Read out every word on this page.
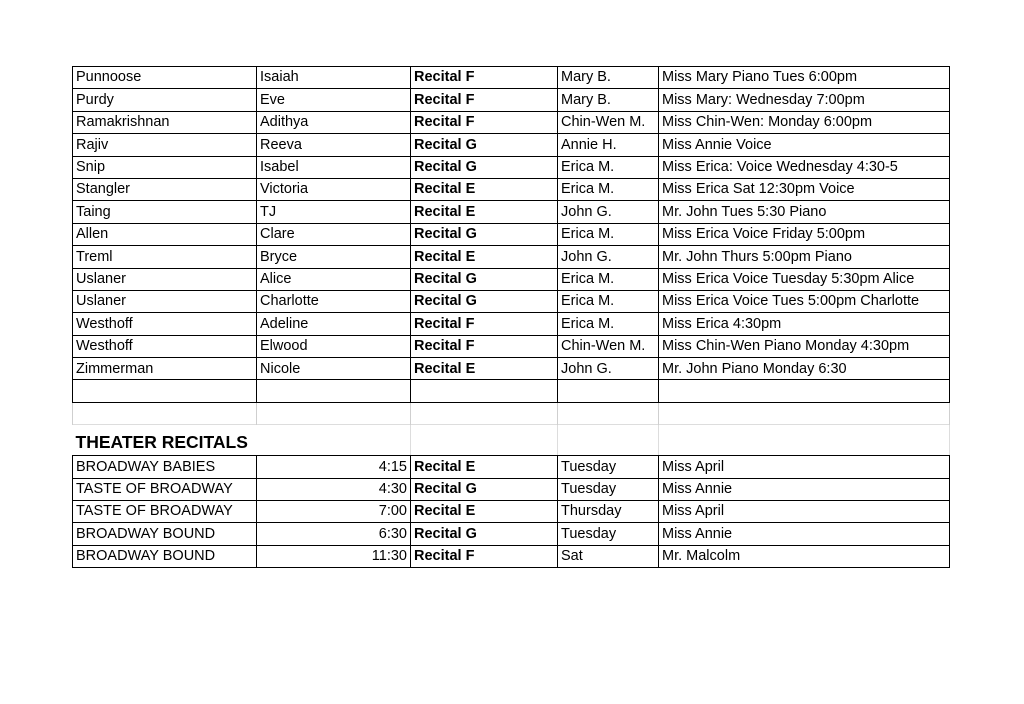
Punnoose	Isaiah	Recital F	Mary B.	Miss Mary Piano Tues 6:00pm
Purdy	Eve	Recital F	Mary B.	Miss Mary: Wednesday 7:00pm
Ramakrishnan	Adithya	Recital F	Chin-Wen M.	Miss Chin-Wen: Monday 6:00pm
Rajiv	Reeva	Recital G	Annie H.	Miss Annie Voice
Snip	Isabel	Recital G	Erica M.	Miss Erica: Voice Wednesday 4:30-5
Stangler	Victoria	Recital E	Erica M.	Miss Erica Sat 12:30pm Voice
Taing	TJ	Recital E	John G.	Mr. John Tues 5:30 Piano
Allen	Clare	Recital G	Erica M.	Miss Erica Voice Friday 5:00pm
Treml	Bryce	Recital E	John G.	Mr. John Thurs 5:00pm Piano
Uslaner	Alice	Recital G	Erica M.	Miss Erica Voice Tuesday 5:30pm Alice
Uslaner	Charlotte	Recital G	Erica M.	Miss Erica Voice Tues 5:00pm Charlotte
Westhoff	Adeline	Recital F	Erica M.	Miss Erica 4:30pm
Westhoff	Elwood	Recital F	Chin-Wen M.	Miss Chin-Wen Piano Monday 4:30pm
Zimmerman	Nicole	Recital E	John G.	Mr. John Piano Monday 6:30

THEATER RECITALS				
BROADWAY BABIES	4:15	Recital E	Tuesday	Miss April
TASTE OF BROADWAY	4:30	Recital G	Tuesday	Miss Annie
TASTE OF BROADWAY	7:00	Recital E	Thursday	Miss April
BROADWAY BOUND	6:30	Recital G	Tuesday	Miss Annie
BROADWAY BOUND	11:30	Recital F	Sat	Mr. Malcolm
